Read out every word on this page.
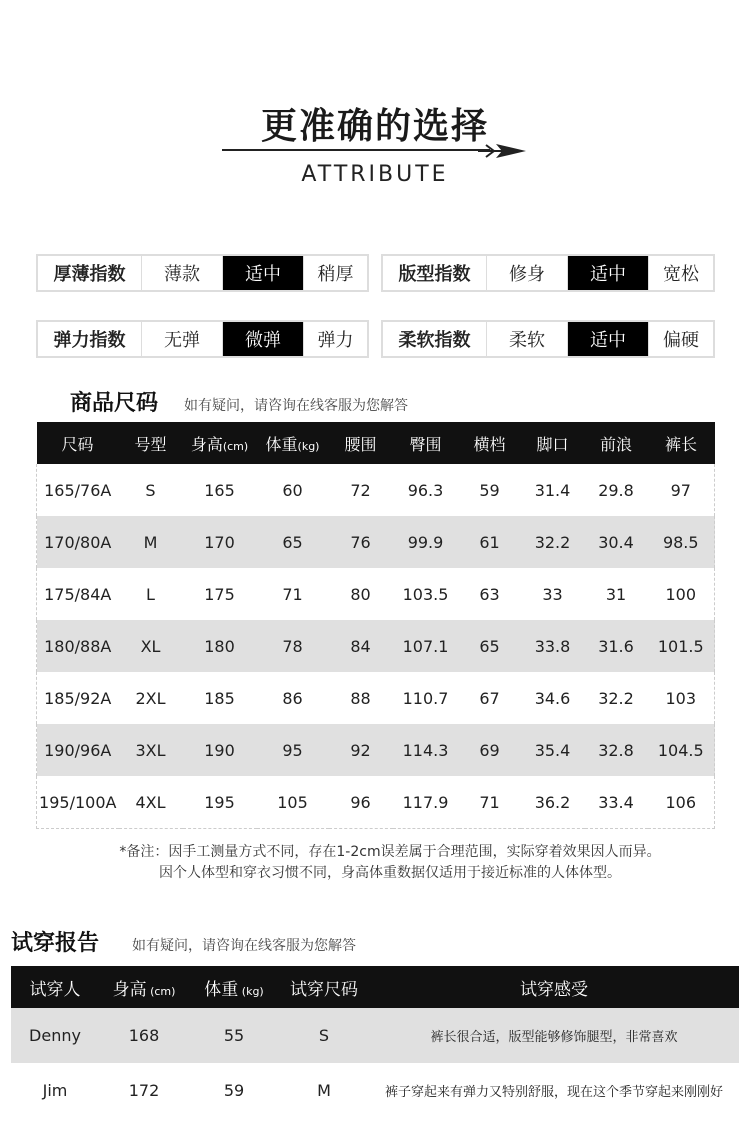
更准确的选择
ATTRIBUTE
厚薄指数	薄款	适中	稍厚	版型指数	修身	适中	宽松
弹力指数	无弹	微弹	弹力	柔软指数	柔软	适中	偏硬
商品尺码 如有疑问，请咨询在线客服为您解答
尺码	号型	身高(cm)	体重(kg)	腰围	臀围	横档	脚口	前浪	裤长
165/76A	S	165	60	72	96.3	59	31.4	29.8	97
170/80A	M	170	65	76	99.9	61	32.2	30.4	98.5
175/84A	L	175	71	80	103.5	63	33	31	100
180/88A	XL	180	78	84	107.1	65	33.8	31.6	101.5
185/92A	2XL	185	86	88	110.7	67	34.6	32.2	103
190/96A	3XL	190	95	92	114.3	69	35.4	32.8	104.5
195/100A	4XL	195	105	96	117.9	71	36.2	33.4	106
*备注：因手工测量方式不同，存在1-2cm误差属于合理范围，实际穿着效果因人而异。
因个人体型和穿衣习惯不同，身高体重数据仅适用于接近标准的人体体型。
试穿报告 如有疑问，请咨询在线客服为您解答
试穿人	身高 (cm)	体重 (kg)	试穿尺码	试穿感受
Denny	168	55	S	裤长很合适，版型能够修饰腿型，非常喜欢
Jim	172	59	M	裤子穿起来有弹力又特别舒服，现在这个季节穿起来刚刚好
